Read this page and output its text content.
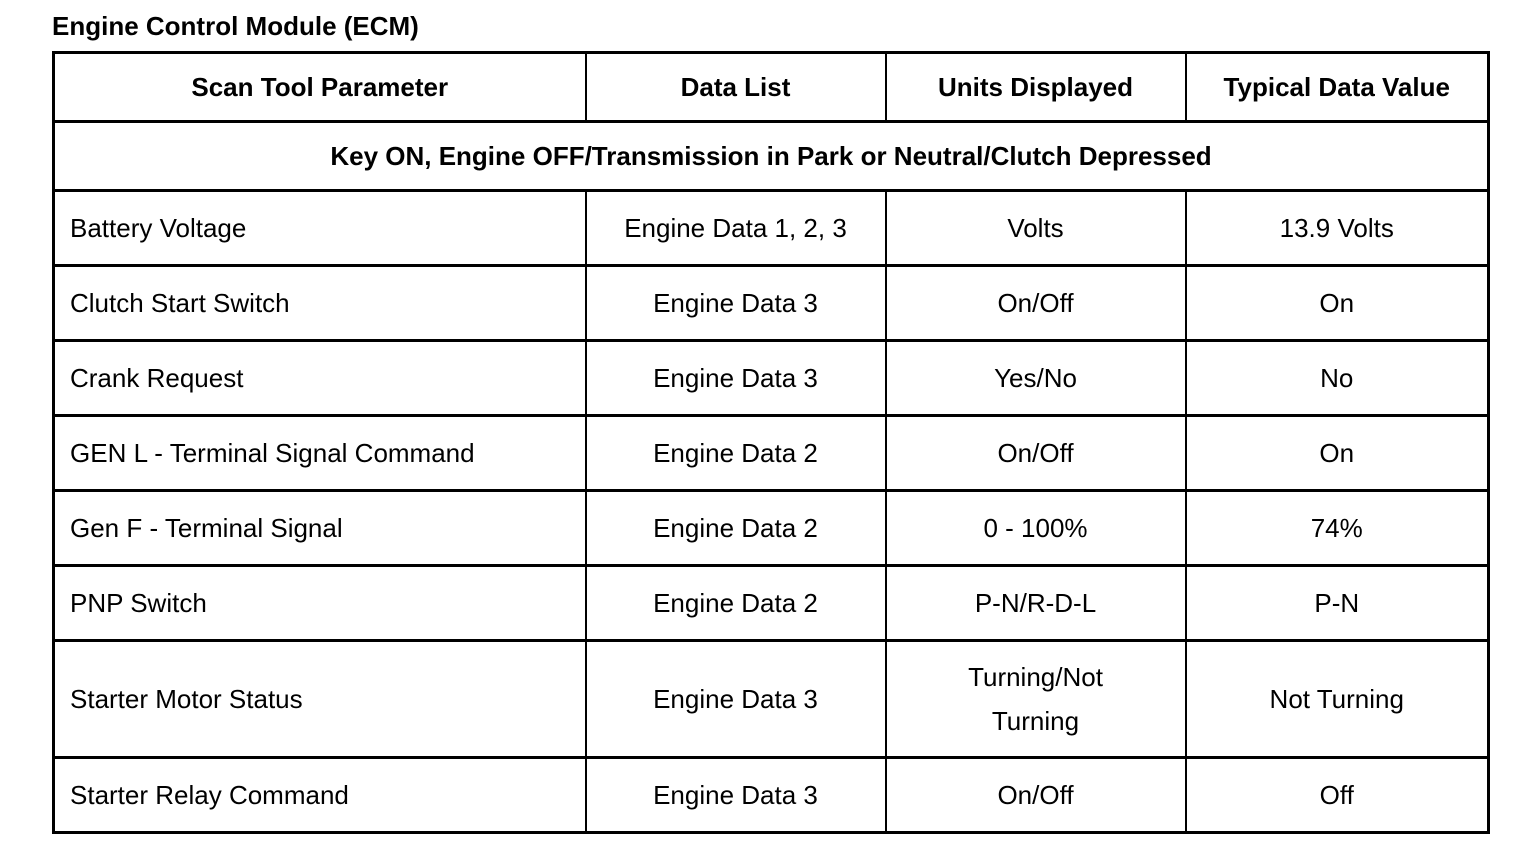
Engine Control Module (ECM)
Scan Tool Parameter	Data List	Units Displayed	Typical Data Value
Key ON, Engine OFF/Transmission in Park or Neutral/Clutch Depressed			
Battery Voltage	Engine Data 1, 2, 3	Volts	13.9 Volts
Clutch Start Switch	Engine Data 3	On/Off	On
Crank Request	Engine Data 3	Yes/No	No
GEN L - Terminal Signal Command	Engine Data 2	On/Off	On
Gen F - Terminal Signal	Engine Data 2	0 - 100%	74%
PNP Switch	Engine Data 2	P-N/R-D-L	P-N
Starter Motor Status	Engine Data 3	Turning/Not Turning	Not Turning
Starter Relay Command	Engine Data 3	On/Off	Off
